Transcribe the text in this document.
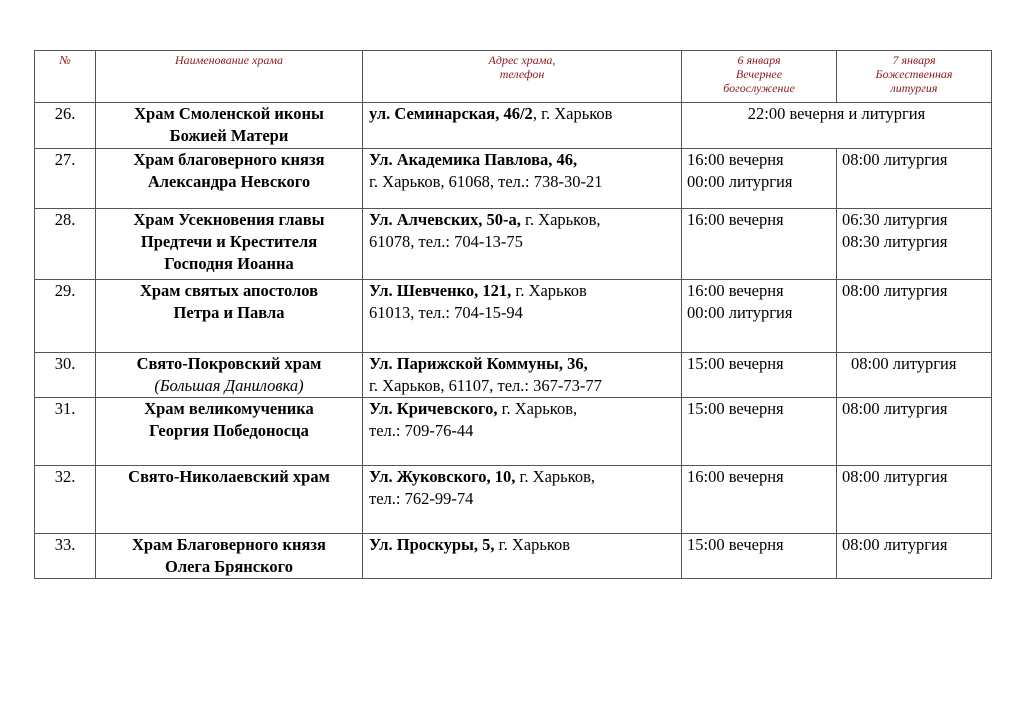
№	Наименование храма	Адрес храма,
телефон	6 января
Вечернее
богослужение	7 января
Божественная
литургия

26.	Храм Смоленской иконы
Божией Матери	ул. Семинарская, 46/2, г. Харьков	22:00 вечерня и литургия	
27.	Храм благоверного князя
Александра Невского	Ул. Академика Павлова, 46,
г. Харьков, 61068, тел.: 738-30-21	16:00 вечерня
00:00 литургия	08:00 литургия

28.	Храм Усекновения главы
Предтечи и Крестителя
Господня Иоанна	Ул. Алчевских, 50-а, г. Харьков,
61078, тел.: 704-13-75	16:00 вечерня	06:30 литургия
08:30 литургия

29.	Храм святых апостолов
Петра и Павла	Ул. Шевченко, 121, г. Харьков
61013, тел.: 704-15-94	16:00 вечерня
00:00 литургия	08:00 литургия

30.	Свято-Покровский храм
(Большая Даниловка)	Ул. Парижской Коммуны, 36,
г. Харьков, 61107, тел.: 367-73-77	15:00 вечерня	08:00 литургия

31.	Храм великомученика
Георгия Победоносца	Ул. Кричевского, г. Харьков,
тел.: 709-76-44	15:00 вечерня	08:00 литургия

32.	Свято-Николаевский храм	Ул. Жуковского, 10, г. Харьков,
тел.: 762-99-74	16:00 вечерня	08:00 литургия

33.	Храм Благоверного князя
Олега Брянского	Ул. Проскуры, 5, г. Харьков	15:00 вечерня	08:00 литургия
